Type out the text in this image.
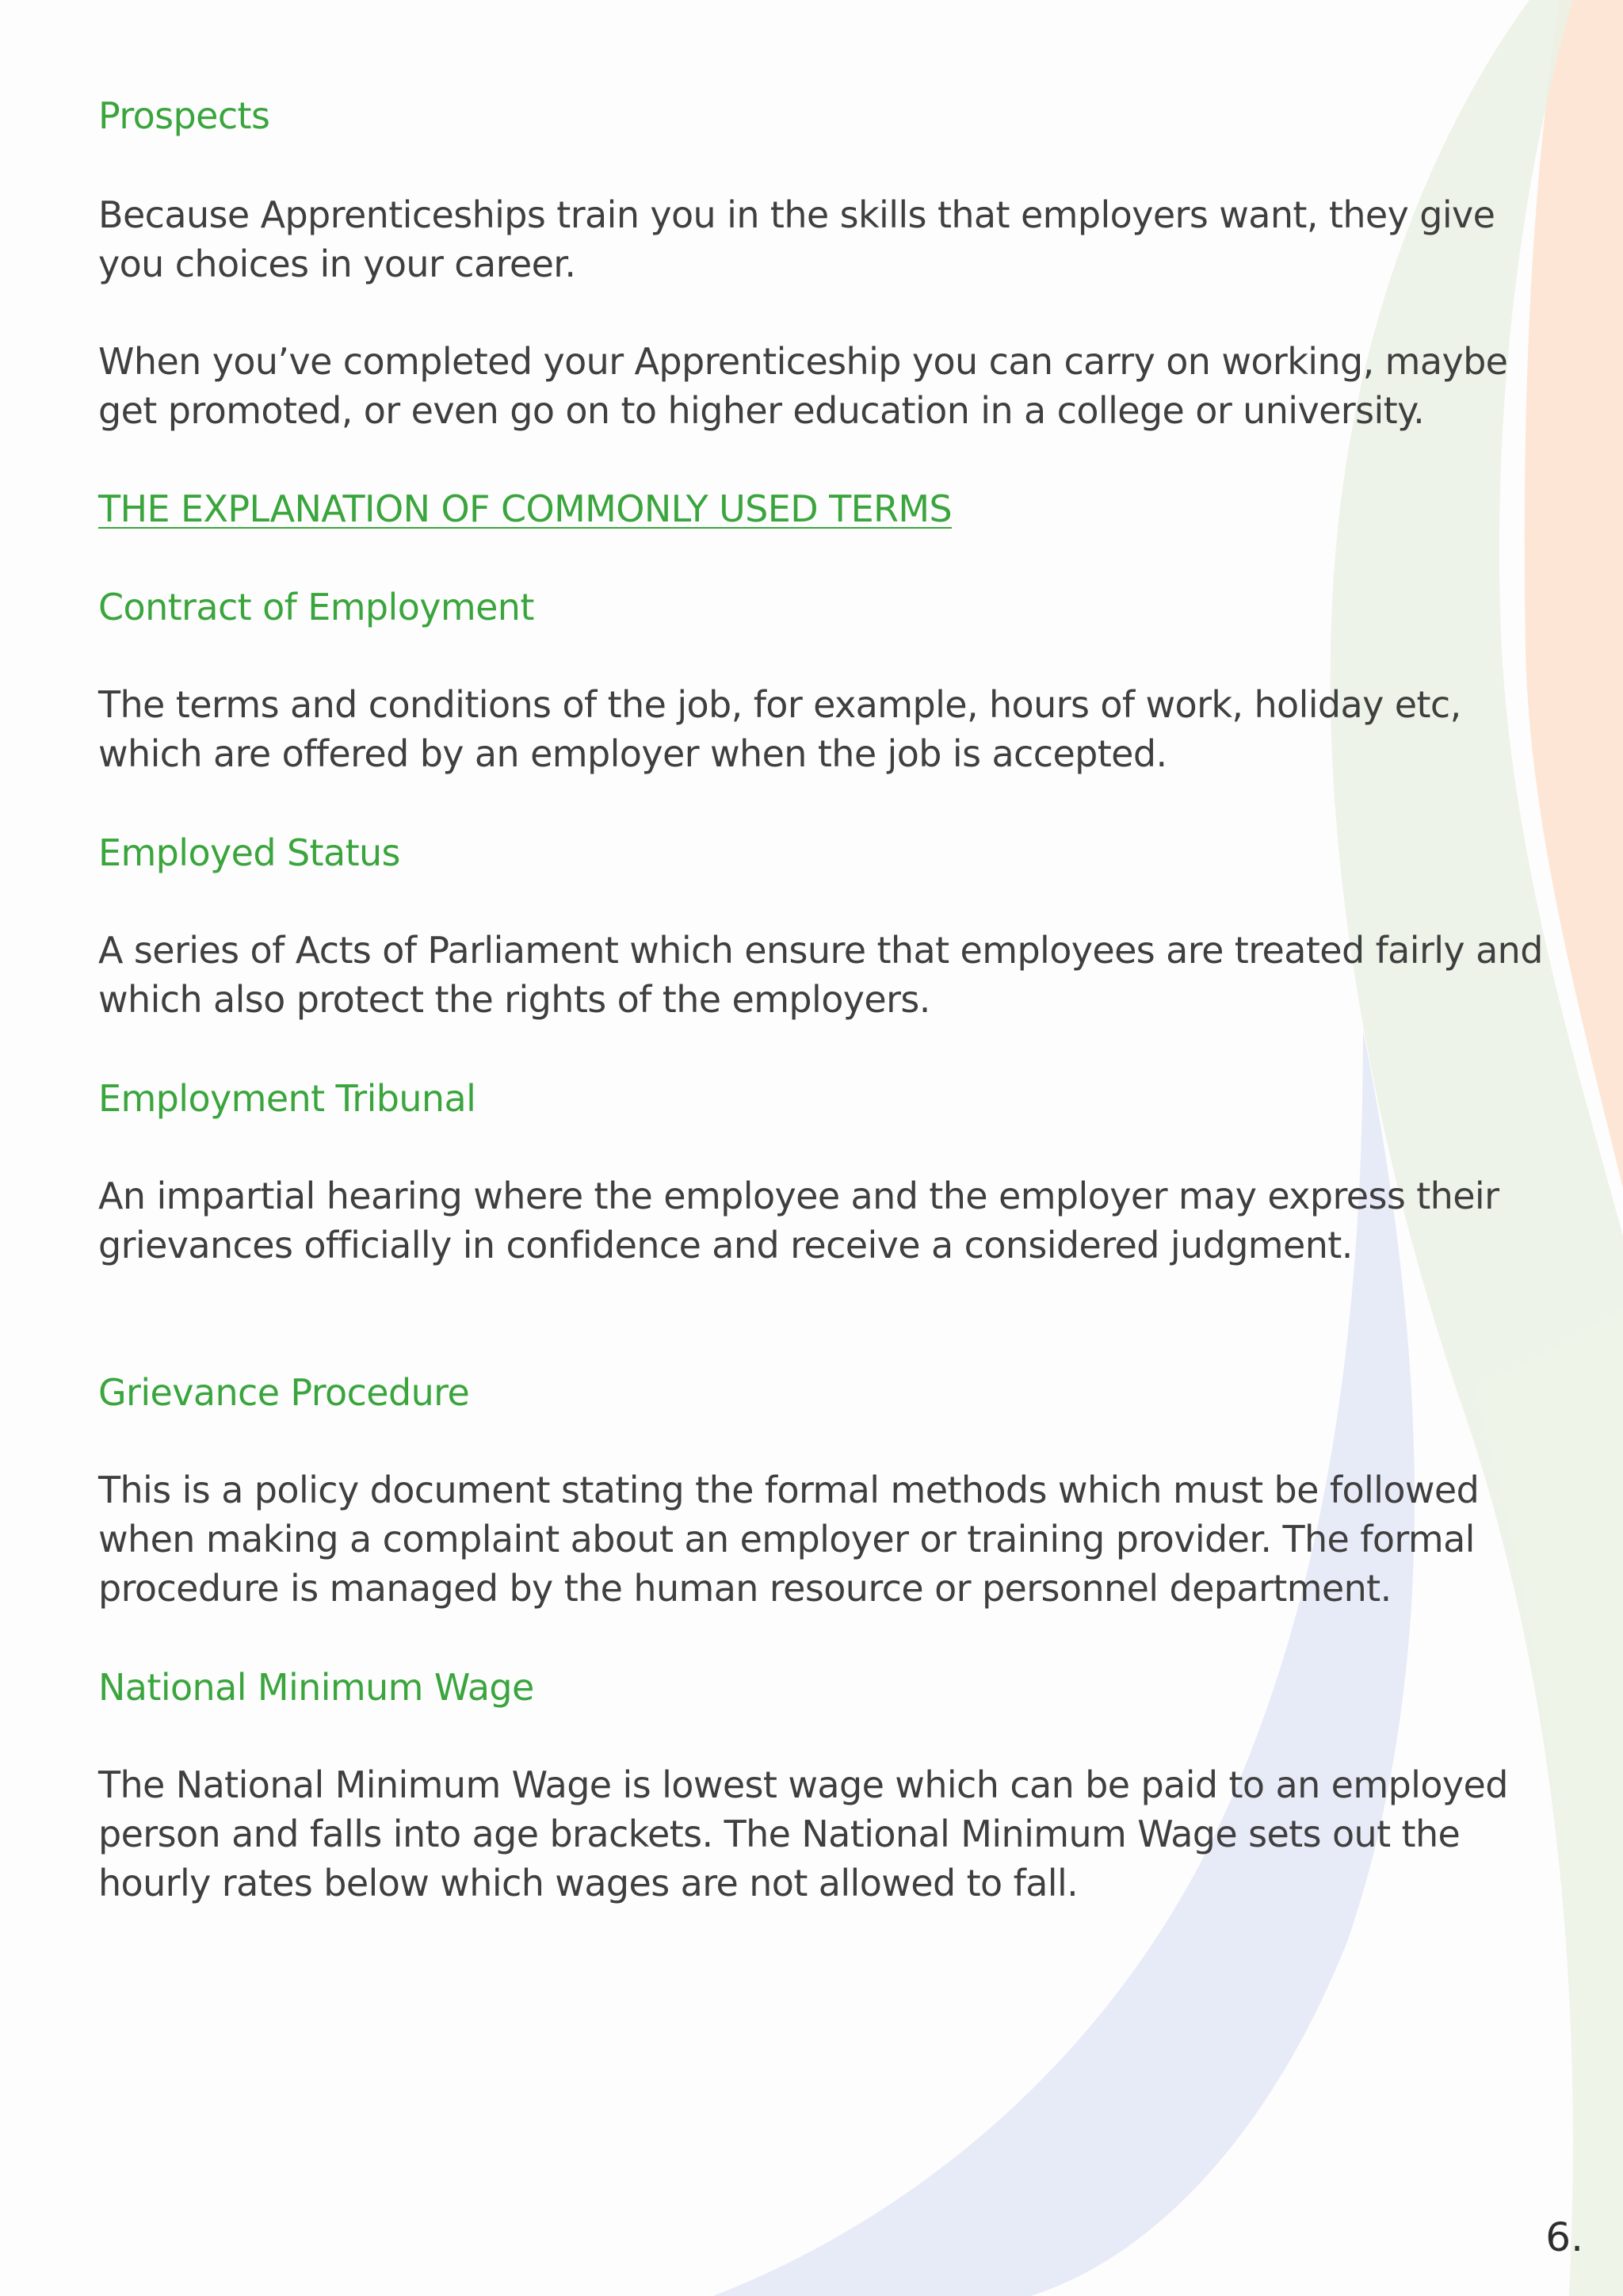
Prospects

Because Apprenticeships train you in the skills that employers want, they give you choices in your career.

When you’ve completed your Apprenticeship you can carry on working, maybe get promoted, or even go on to higher education in a college or university.

THE EXPLANATION OF COMMONLY USED TERMS

Contract of Employment

The terms and conditions of the job, for example, hours of work, holiday etc, which are offered by an employer when the job is accepted.

Employed Status

A series of Acts of Parliament which ensure that employees are treated fairly and which also protect the rights of the employers.

Employment Tribunal

An impartial hearing where the employee and the employer may express their grievances officially in confidence and receive a considered judgment.

Grievance Procedure

This is a policy document stating the formal methods which must be followed when making a complaint about an employer or training provider. The formal procedure is managed by the human resource or personnel department.

National Minimum Wage

The National Minimum Wage is lowest wage which can be paid to an employed person and falls into age brackets. The National Minimum Wage sets out the hourly rates below which wages are not allowed to fall.

6.
